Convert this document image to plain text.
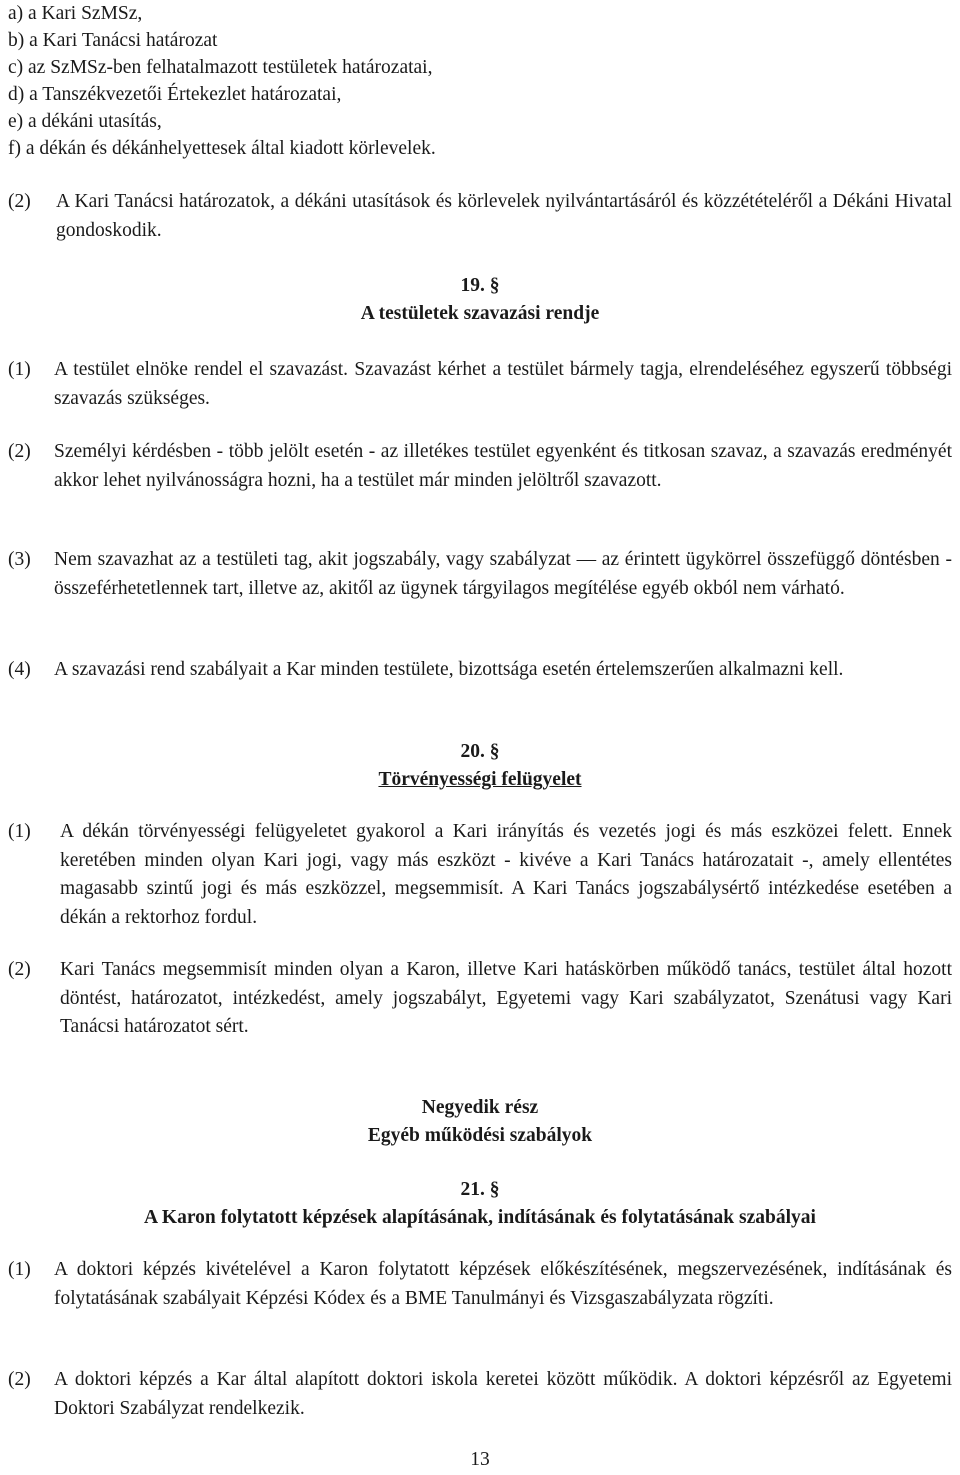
a) a Kari SzMSz,
b) a Kari Tanácsi határozat
c) az SzMSz-ben felhatalmazott testületek határozatai,
d) a Tanszékvezetői Értekezlet határozatai,
e) a dékáni utasítás,
f) a dékán és dékánhelyettesek által kiadott körlevelek.
(2) A Kari Tanácsi határozatok, a dékáni utasítások és körlevelek nyilvántartásáról és közzétételéről a Dékáni Hivatal gondoskodik.
19. §
A testületek szavazási rendje
(1) A testület elnöke rendel el szavazást. Szavazást kérhet a testület bármely tagja, elrendeléséhez egyszerű többségi szavazás szükséges.
(2) Személyi kérdésben - több jelölt esetén - az illetékes testület egyenként és titkosan szavaz, a szavazás eredményét akkor lehet nyilvánosságra hozni, ha a testület már minden jelöltről szavazott.
(3) Nem szavazhat az a testületi tag, akit jogszabály, vagy szabályzat — az érintett ügykörrel összefüggő döntésben - összeférhetetlennek tart, illetve az, akitől az ügynek tárgyilagos megítélése egyéb okból nem várható.
(4) A szavazási rend szabályait a Kar minden testülete, bizottsága esetén értelemszerűen alkalmazni kell.
20. §
Törvényességi felügyelet
(1) A dékán törvényességi felügyeletet gyakorol a Kari irányítás és vezetés jogi és más eszközei felett. Ennek keretében minden olyan Kari jogi, vagy más eszközt - kivéve a Kari Tanács határozatait -, amely ellentétes magasabb szintű jogi és más eszközzel, megsemmisít. A Kari Tanács jogszabálysértő intézkedése esetében a dékán a rektorhoz fordul.
(2) Kari Tanács megsemmisít minden olyan a Karon, illetve Kari hatáskörben működő tanács, testület által hozott döntést, határozatot, intézkedést, amely jogszabályt, Egyetemi vagy Kari szabályzatot, Szenátusi vagy Kari Tanácsi határozatot sért.
Negyedik rész
Egyéb működési szabályok
21. §
A Karon folytatott képzések alapításának, indításának és folytatásának szabályai
(1) A doktori képzés kivételével a Karon folytatott képzések előkészítésének, megszervezésének, indításának és folytatásának szabályait Képzési Kódex és a BME Tanulmányi és Vizsgaszabályzata rögzíti.
(2) A doktori képzés a Kar által alapított doktori iskola keretei között működik. A doktori képzésről az Egyetemi Doktori Szabályzat rendelkezik.
13
